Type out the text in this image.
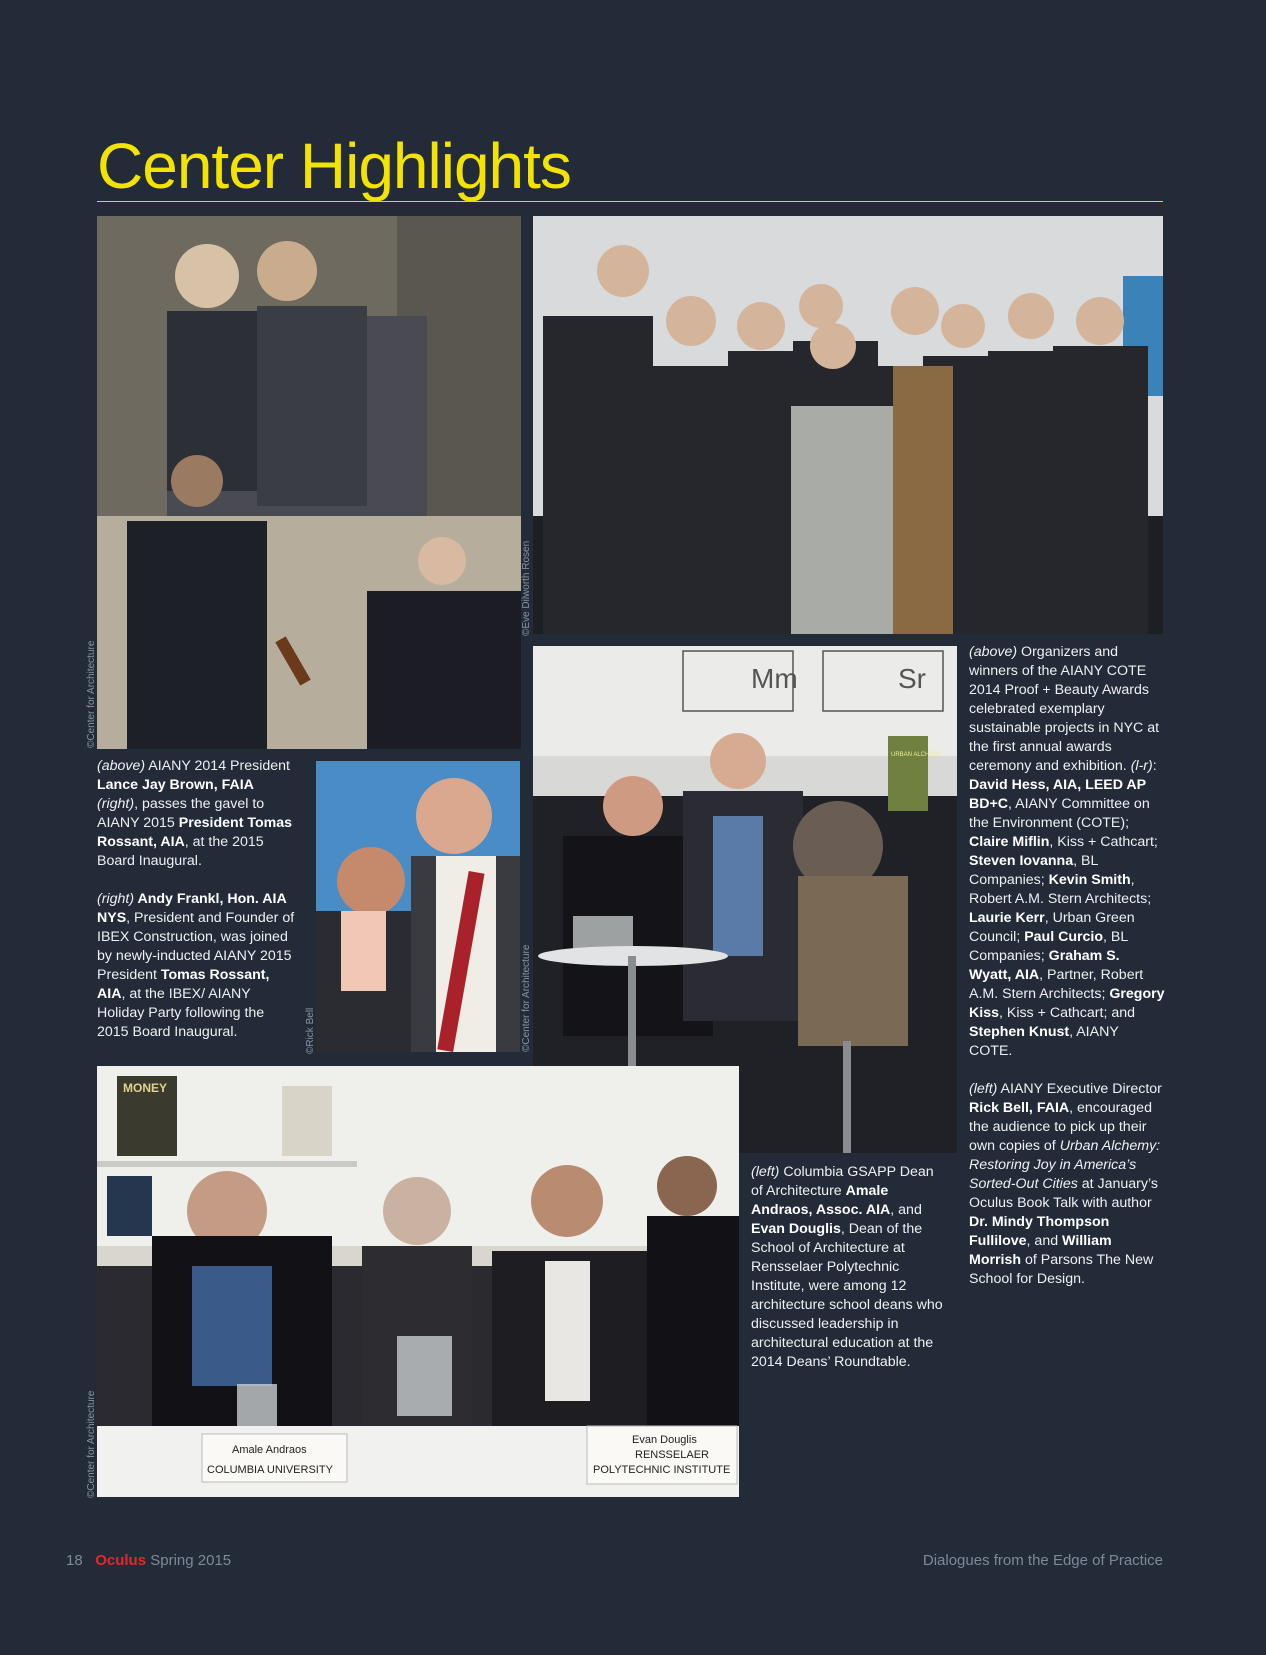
Center Highlights
©Center for Architecture
©Eve Dilworth Rosen
©Rick Bell
Mm	Sr
URBAN ALCHEMY
©Center for Architecture
MONEY
Amale Andraos
COLUMBIA UNIVERSITY
Evan Douglis
RENSSELAER
POLYTECHNIC INSTITUTE
©Center for Architecture

(above) AIANY 2014 President Lance Jay Brown, FAIA (right), passes the gavel to AIANY 2015 President Tomas Rossant, AIA, at the 2015 Board Inaugural.

(right) Andy Frankl, Hon. AIA NYS, President and Founder of IBEX Construction, was joined by newly-inducted AIANY 2015 President Tomas Rossant, AIA, at the IBEX/ AIANY Holiday Party following the 2015 Board Inaugural.

(left) Columbia GSAPP Dean of Architecture Amale Andraos, Assoc. AIA, and Evan Douglis, Dean of the School of Architecture at Rensselaer Polytechnic Institute, were among 12 architecture school deans who discussed leadership in architectural education at the 2014 Deans’ Roundtable.

(above) Organizers and winners of the AIANY COTE 2014 Proof + Beauty Awards celebrated exemplary sustainable projects in NYC at the first annual awards ceremony and exhibition. (l-r): David Hess, AIA, LEED AP BD+C, AIANY Committee on the Environment (COTE); Claire Miflin, Kiss + Cathcart; Steven Iovanna, BL Companies; Kevin Smith, Robert A.M. Stern Architects; Laurie Kerr, Urban Green Council; Paul Curcio, BL Companies; Graham S. Wyatt, AIA, Partner, Robert A.M. Stern Architects; Gregory Kiss, Kiss + Cathcart; and Stephen Knust, AIANY COTE.

(left) AIANY Executive Director Rick Bell, FAIA, encouraged the audience to pick up their own copies of Urban Alchemy: Restoring Joy in America’s Sorted-Out Cities at January’s Oculus Book Talk with author Dr. Mindy Thompson Fullilove, and William Morrish of Parsons The New School for Design.

18 Oculus Spring 2015	Dialogues from the Edge of Practice
